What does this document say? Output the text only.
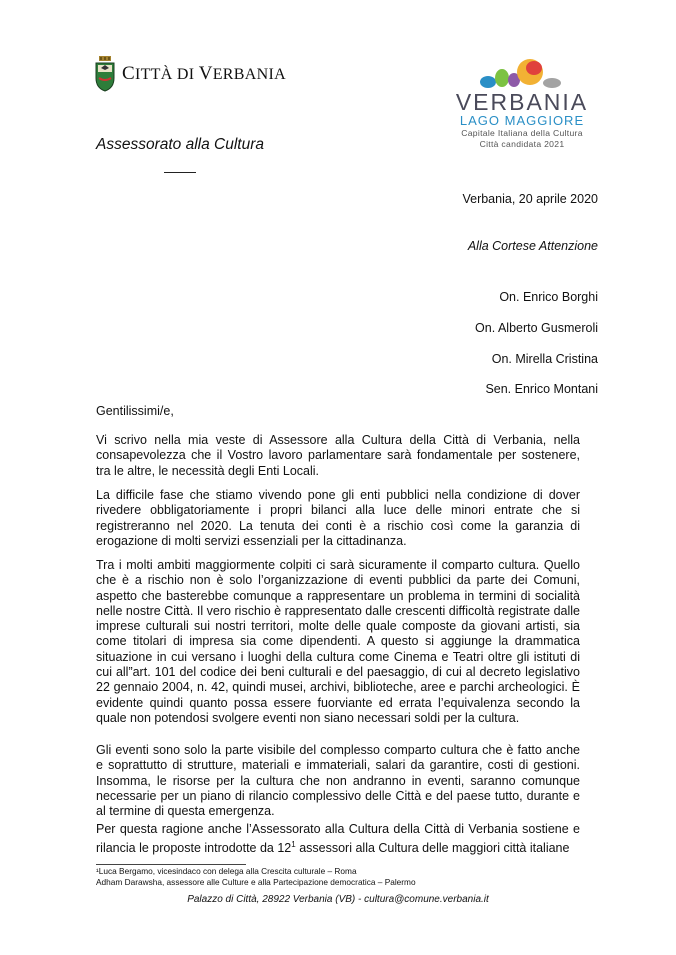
CITTÀ DI VERBANIA
Assessorato alla Cultura
VERBANIA
LAGO MAGGIORE
Capitale Italiana della Cultura
Città candidata 2021
Verbania, 20 aprile 2020
Alla Cortese Attenzione
On. Enrico Borghi
On. Alberto Gusmeroli
On. Mirella Cristina
Sen. Enrico Montani
Gentilissimi/e,
Vi scrivo nella mia veste di Assessore alla Cultura della Città di Verbania, nella consapevolezza che il Vostro lavoro parlamentare sarà fondamentale per sostenere, tra le altre, le necessità degli Enti Locali.
La difficile fase che stiamo vivendo pone gli enti pubblici nella condizione di dover rivedere obbligatoriamente i propri bilanci alla luce delle minori entrate che si registreranno nel 2020. La tenuta dei conti è a rischio così come la garanzia di erogazione di molti servizi essenziali per la cittadinanza.
Tra i molti ambiti maggiormente colpiti ci sarà sicuramente il comparto cultura. Quello che è a rischio non è solo l’organizzazione di eventi pubblici da parte dei Comuni, aspetto che basterebbe comunque a rappresentare un problema in termini di socialità nelle nostre Città. Il vero rischio è rappresentato dalle crescenti difficoltà registrate dalle imprese culturali sui nostri territori, molte delle quale composte da giovani artisti, sia come titolari di impresa sia come dipendenti. A questo si aggiunge la drammatica situazione in cui versano i luoghi della cultura come Cinema e Teatri oltre gli istituti di cui all”art. 101 del codice dei beni culturali e del paesaggio, di cui al decreto legislativo 22 gennaio 2004, n. 42, quindi musei, archivi, biblioteche, aree e parchi archeologici. È evidente quindi quanto possa essere fuorviante ed errata l’equivalenza secondo la quale non potendosi svolgere eventi non siano necessari soldi per la cultura.
Gli eventi sono solo la parte visibile del complesso comparto cultura che è fatto anche e soprattutto di strutture, materiali e immateriali, salari da garantire, costi di gestioni. Insomma, le risorse per la cultura che non andranno in eventi, saranno comunque necessarie per un piano di rilancio complessivo delle Città e del paese tutto, durante e al termine di questa emergenza.
Per questa ragione anche l’Assessorato alla Cultura della Città di Verbania sostiene e rilancia le proposte introdotte da $12^1$ assessori alla Cultura delle maggiori città italiane
¹Luca Bergamo, vicesindaco con delega alla Crescita culturale – Roma
Adham Darawsha, assessore alle Culture e alla Partecipazione democratica – Palermo
Palazzo di Città, 28922 Verbania (VB) - cultura@comune.verbania.it
